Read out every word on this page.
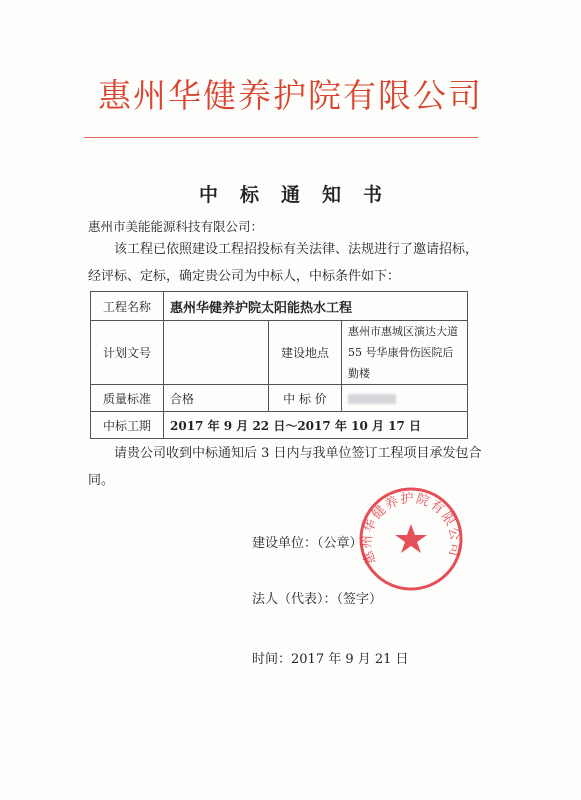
惠州华健养护院有限公司
中标通知书
惠州市美能能源科技有限公司：
该工程已依照建设工程招投标有关法律、法规进行了邀请招标，经评标、定标，确定贵公司为中标人，中标条件如下：
工程名称	惠州华健养护院太阳能热水工程		
计划文号		建设地点	惠州市惠城区演达大道 55 号华康骨伤医院后勤楼
质量标准	合格	中 标 价	
中标工期	2017 年 9 月 22 日～2017 年 10 月 17 日		
请贵公司收到中标通知后 3 日内与我单位签订工程项目承发包合同。
建设单位：（公章）
法人（代表）：（签字）
时间：2017 年 9 月 21 日
惠州华健养护院有限公司
